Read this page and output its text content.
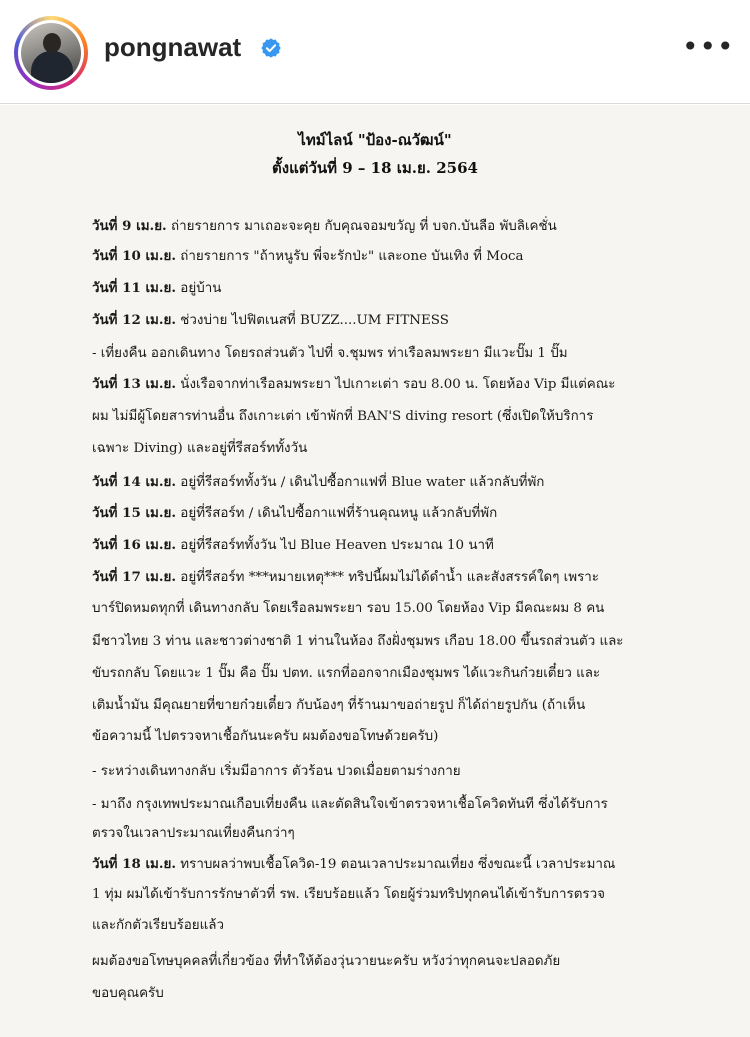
pongnawat	•••
ไทม์ไลน์ "ป้อง-ณวัฒน์"
ตั้งแต่วันที่ 9 – 18 เม.ย. 2564
วันที่ 9 เม.ย. ถ่ายรายการ มาเถอะจะคุย กับคุณจอมขวัญ ที่ บจก.บันลือ พับลิเคชั่น
วันที่ 10 เม.ย. ถ่ายรายการ "ถ้าหนูรับ พี่จะรักป่ะ" และone บันเทิง ที่ Moca
วันที่ 11 เม.ย. อยู่บ้าน
วันที่ 12 เม.ย. ช่วงบ่าย ไปฟิตเนสที่ BUZZ....UM FITNESS
- เที่ยงคืน ออกเดินทาง โดยรถส่วนตัว ไปที่ จ.ชุมพร ท่าเรือลมพระยา มีแวะปั๊ม 1 ปั๊ม
วันที่ 13 เม.ย. นั่งเรือจากท่าเรือลมพระยา ไปเกาะเต่า รอบ 8.00 น. โดยห้อง Vip มีแต่คณะ
ผม ไม่มีผู้โดยสารท่านอื่น ถึงเกาะเต่า เข้าพักที่ BAN'S diving resort (ซึ่งเปิดให้บริการ
เฉพาะ Diving) และอยู่ที่รีสอร์ททั้งวัน
วันที่ 14 เม.ย. อยู่ที่รีสอร์ททั้งวัน / เดินไปซื้อกาแฟที่ Blue water แล้วกลับที่พัก
วันที่ 15 เม.ย. อยู่ที่รีสอร์ท / เดินไปซื้อกาแฟที่ร้านคุณหนู แล้วกลับที่พัก
วันที่ 16 เม.ย. อยู่ที่รีสอร์ททั้งวัน ไป Blue Heaven ประมาณ 10 นาที
วันที่ 17 เม.ย. อยู่ที่รีสอร์ท ***หมายเหตุ*** ทริปนี้ผมไม่ได้ดำน้ำ และสังสรรค์ใดๆ เพราะ
บาร์ปิดหมดทุกที่ เดินทางกลับ โดยเรือลมพระยา รอบ 15.00 โดยห้อง Vip มีคณะผม 8 คน
มีชาวไทย 3 ท่าน และชาวต่างชาติ 1 ท่านในห้อง ถึงฝั่งชุมพร เกือบ 18.00 ขึ้นรถส่วนตัว และ
ขับรถกลับ โดยแวะ 1 ปั๊ม คือ ปั๊ม ปตท. แรกที่ออกจากเมืองชุมพร ได้แวะกินก๋วยเตี๋ยว และ
เติมน้ำมัน มีคุณยายที่ขายก๋วยเตี๋ยว กับน้องๆ ที่ร้านมาขอถ่ายรูป ก็ได้ถ่ายรูปกัน (ถ้าเห็น
ข้อความนี้ ไปตรวจหาเชื้อกันนะครับ ผมต้องขอโทษด้วยครับ)
- ระหว่างเดินทางกลับ เริ่มมีอาการ ตัวร้อน ปวดเมื่อยตามร่างกาย
- มาถึง กรุงเทพประมาณเกือบเที่ยงคืน และตัดสินใจเข้าตรวจหาเชื้อโควิดทันที ซึ่งได้รับการ
ตรวจในเวลาประมาณเที่ยงคืนกว่าๆ
วันที่ 18 เม.ย. ทราบผลว่าพบเชื้อโควิด-19 ตอนเวลาประมาณเที่ยง ซึ่งขณะนี้ เวลาประมาณ
1 ทุ่ม ผมได้เข้ารับการรักษาตัวที่ รพ. เรียบร้อยแล้ว โดยผู้ร่วมทริปทุกคนได้เข้ารับการตรวจ
และกักตัวเรียบร้อยแล้ว
ผมต้องขอโทษบุคคลที่เกี่ยวข้อง ที่ทำให้ต้องวุ่นวายนะครับ หวังว่าทุกคนจะปลอดภัย
ขอบคุณครับ
